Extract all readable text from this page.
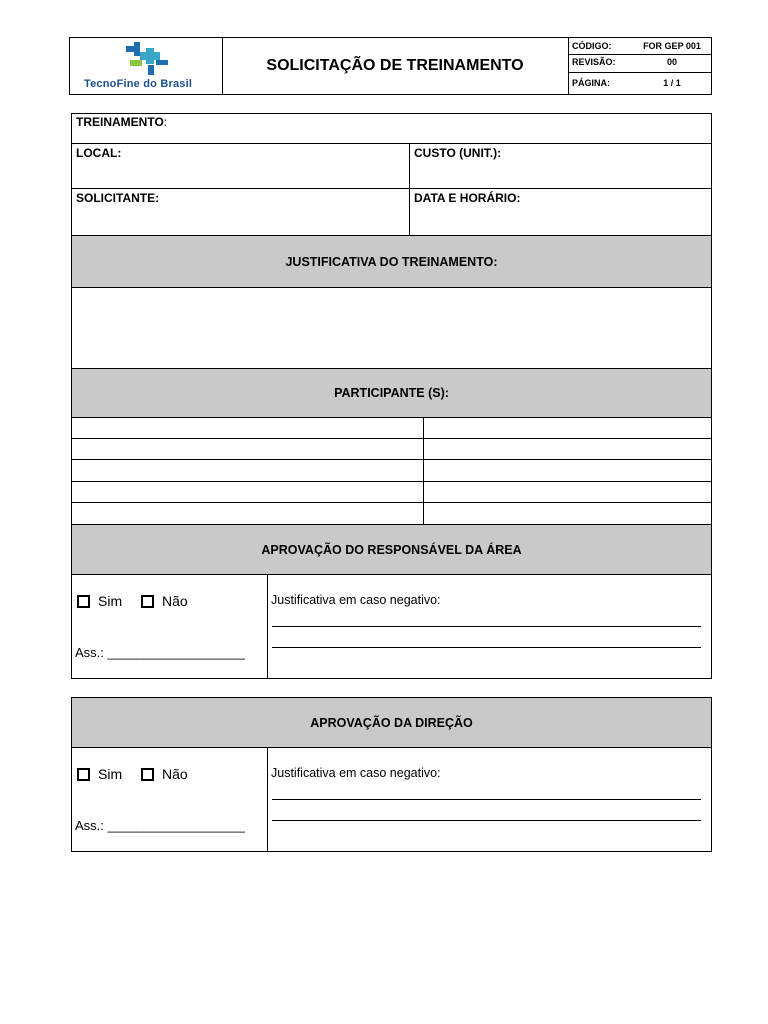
TecnoFine do Brasil
SOLICITAÇÃO DE TREINAMENTO
CÓDIGO:	FOR GEP 001
REVISÃO:	00
PÁGINA:	1 / 1
TREINAMENTO:
LOCAL:	CUSTO (UNIT.):
SOLICITANTE:	DATA E HORÁRIO:
JUSTIFICATIVA DO TREINAMENTO:
PARTICIPANTE (S):
APROVAÇÃO DO RESPONSÁVEL DA ÁREA
Sim	Não
Ass.: ___________________
Justificativa em caso negativo:
APROVAÇÃO DA DIREÇÃO
Sim	Não
Ass.: ___________________
Justificativa em caso negativo:
